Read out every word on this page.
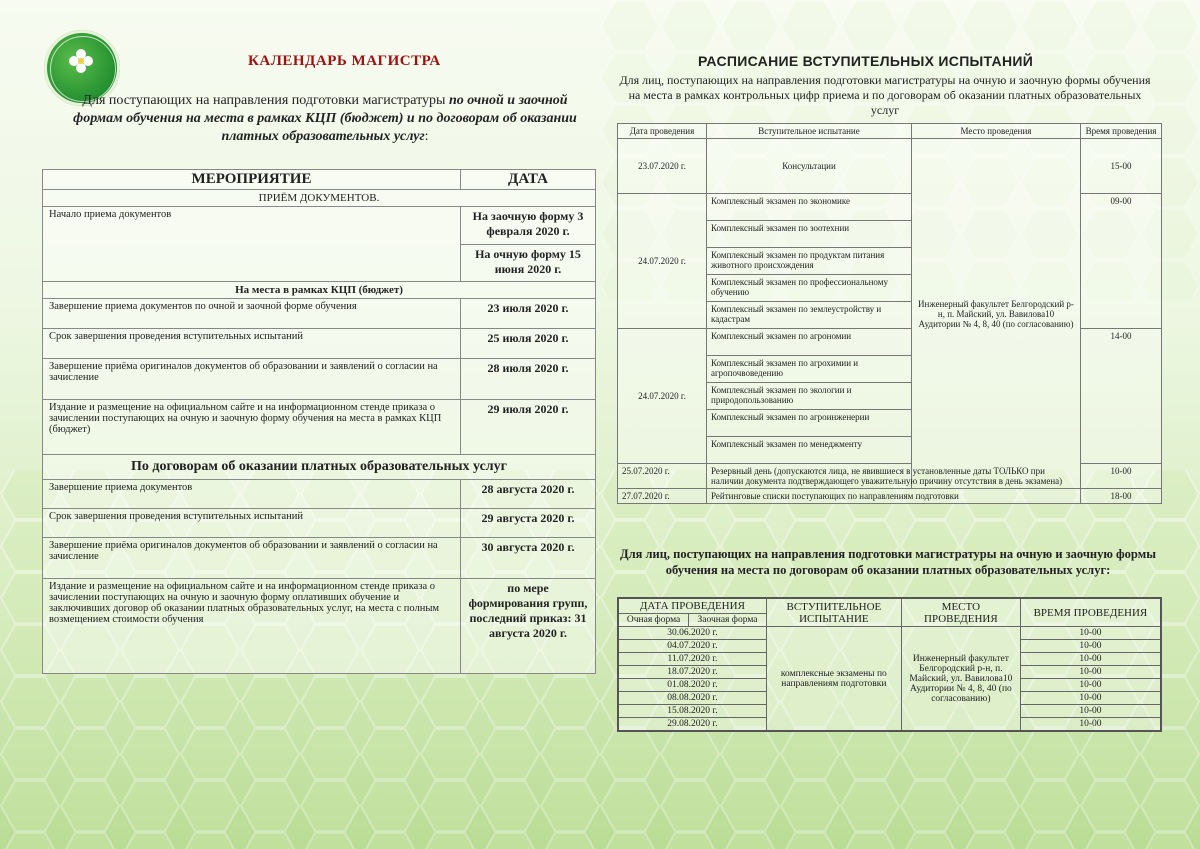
КАЛЕНДАРЬ МАГИСТРА
Для поступающих на направления подготовки магистратуры по очной и заочной формам обучения на места в рамках КЦП (бюджет) и по договорам об оказании платных образовательных услуг:
МЕРОПРИЯТИЕ	ДАТА
ПРИЁМ ДОКУМЕНТОВ.	
Начало приема документов	На заочную форму 3 февраля 2020 г.
	На очную форму 15 июня 2020 г.
На места в рамках КЦП (бюджет)	
Завершение приема документов по очной и заочной форме обучения	23 июля 2020 г.
Срок завершения проведения вступительных испытаний	25 июля 2020 г.
Завершение приёма оригиналов документов об образовании и заявлений о согласии на зачисление	28 июля 2020 г.
Издание и размещение на официальном сайте и на информационном стенде приказа о зачислении поступающих на очную и заочную форму обучения на места в рамках КЦП (бюджет)	29 июля 2020 г.
По договорам об оказании платных образовательных услуг	
Завершение приема документов	28 августа 2020 г.
Срок завершения проведения вступительных испытаний	29 августа 2020 г.
Завершение приёма оригиналов документов об образовании и заявлений о согласии на зачисление	30 августа 2020 г.
Издание и размещение на официальном сайте и на информационном стенде приказа о зачислении поступающих на очную и заочную форму оплативших обучение и заключивших договор об оказании платных образовательных услуг, на места с полным возмещением стоимости обучения	по мере формирования групп, последний приказ: 31 августа 2020 г.
РАСПИСАНИЕ ВСТУПИТЕЛЬНЫХ ИСПЫТАНИЙ
Для лиц, поступающих на направления подготовки магистратуры на очную и заочную формы обучения на места в рамках контрольных цифр приема и по договорам об оказании платных образовательных услуг
Дата проведения	Вступительное испытание	Место проведения	Время проведения
23.07.2020 г.	Консультации	Инженерный факультет Белгородский р-н, п. Майский, ул. Вавилова10 Аудитории № 4, 8, 40 (по согласованию)	15-00
24.07.2020 г.	Комплексный экзамен по экономике		09-00
	Комплексный экзамен по зоотехнии		
	Комплексный экзамен по продуктам питания животного происхождения		
	Комплексный экзамен по профессиональному обучению		
	Комплексный экзамен по землеустройству и кадастрам		
24.07.2020 г.	Комплексный экзамен по агрономии		14-00
	Комплексный экзамен по агрохимии и агропочвоведению		
	Комплексный экзамен по экологии и природопользованию		
	Комплексный экзамен по агроинженерии		
	Комплексный экзамен по менеджменту		
25.07.2020 г.	Резервный день (допускаются лица, не явившиеся в установленные даты ТОЛЬКО при наличии документа подтверждающего уважительную причину отсутствия в день экзамена)		10-00
27.07.2020 г.	Рейтинговые списки поступающих по направлениям подготовки		18-00
Для лиц, поступающих на направления подготовки магистратуры на очную и заочную формы обучения на места по договорам об оказании платных образовательных услуг:
ДАТА ПРОВЕДЕНИЯ		ВСТУПИТЕЛЬНОЕ ИСПЫТАНИЕ	МЕСТО ПРОВЕДЕНИЯ	ВРЕМЯ ПРОВЕДЕНИЯ
Очная форма	Заочная форма			
30.06.2020 г.		комплексные экзамены по направлениям подготовки	Инженерный факультет Белгородский р-н, п. Майский, ул. Вавилова10 Аудитории № 4, 8, 40 (по согласованию)	10-00
04.07.2020 г.				10-00
11.07.2020 г.				10-00
18.07.2020 г.				10-00
01.08.2020 г.				10-00
08.08.2020 г.				10-00
15.08.2020 г.				10-00
29.08.2020 г.				10-00
